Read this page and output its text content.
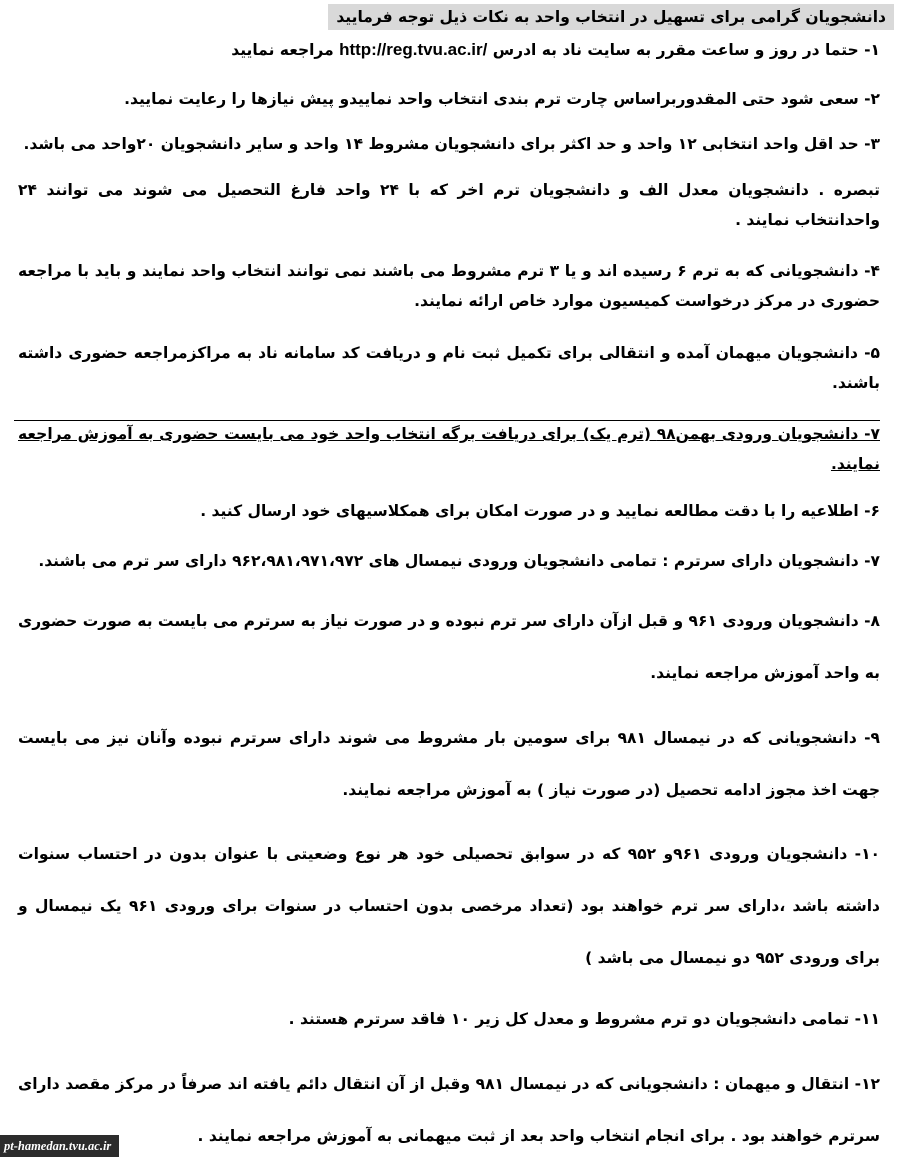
دانشجویان گرامی برای تسهیل در انتخاب واحد به نکات ذیل توجه فرمایید
۱- حتما در روز و ساعت مقرر به سایت ناد به ادرس http://reg.tvu.ac.ir/ مراجعه نمایید
۲- سعی شود حتی المقدوربراساس چارت ترم بندی انتخاب واحد نماییدو پیش نیازها را رعایت نمایید.
۳- حد اقل واحد انتخابی ۱۲ واحد و حد اکثر برای دانشجویان مشروط ۱۴ واحد و سایر دانشجویان ۲۰واحد می باشد.
تبصره . دانشجویان معدل الف و دانشجویان ترم اخر که با ۲۴ واحد فارغ التحصیل می شوند می توانند ۲۴ واحدانتخاب نمایند .
۴- دانشجویانی که به ترم ۶ رسیده اند و یا ۳ ترم مشروط می باشند نمی توانند انتخاب واحد نمایند و باید با مراجعه حضوری در مرکز درخواست کمیسیون موارد خاص ارائه نمایند.
۵- دانشجویان میهمان آمده و انتقالی برای تکمیل ثبت نام و دریافت کد سامانه ناد به مراکزمراجعه حضوری داشته باشند.
۷- دانشجویان ورودی بهمن۹۸ (ترم یک) برای دریافت برگه انتخاب واحد خود می بایست حضوری به آموزش مراجعه نمایند.
۶- اطلاعیه را با دقت مطالعه نمایید و در صورت امکان برای همکلاسیهای خود ارسال کنید .
۷- دانشجویان دارای سرترم : تمامی دانشجویان ورودی نیمسال های ۹۶۲،۹۸۱،۹۷۱،۹۷۲ دارای سر ترم می باشند.
۸- دانشجویان ورودی ۹۶۱ و قبل ازآن دارای سر ترم نبوده و در صورت نیاز به سرترم می بایست به صورت حضوری به واحد آموزش مراجعه نمایند.
۹- دانشجویانی که در نیمسال ۹۸۱ برای سومین بار مشروط می شوند دارای سرترم نبوده وآنان نیز می بایست جهت اخذ مجوز ادامه تحصیل (در صورت نیاز ) به آموزش مراجعه نمایند.
۱۰- دانشجویان ورودی ۹۶۱و ۹۵۲ که در سوابق تحصیلی خود هر نوع وضعیتی با عنوان بدون در احتساب سنوات داشته باشد ،دارای سر ترم خواهند بود (تعداد مرخصی بدون احتساب در سنوات برای ورودی ۹۶۱ یک نیمسال و برای ورودی ۹۵۲ دو نیمسال می باشد )
۱۱- تمامی دانشجویان دو ترم مشروط و معدل کل زیر ۱۰ فاقد سرترم هستند .
۱۲- انتقال و میهمان : دانشجویانی که در نیمسال ۹۸۱ وقبل از آن انتقال دائم یافته اند صرفاً در مرکز مقصد دارای سرترم خواهند بود . برای انجام انتخاب واحد بعد از ثبت میهمانی به آموزش مراجعه نمایند .
pt-hamedan.tvu.ac.ir
